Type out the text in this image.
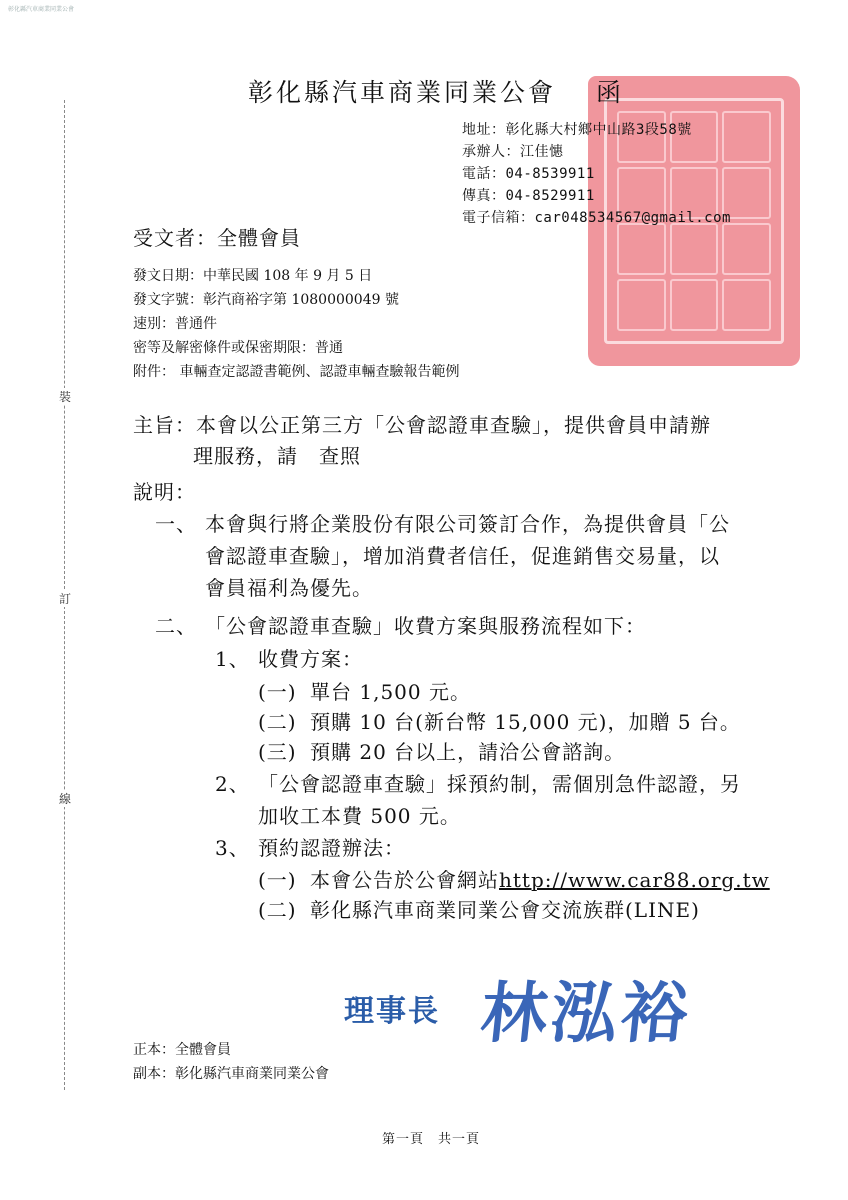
彰化縣汽車商業同業公會
彰化縣汽車商業同業公會 函
地址：彰化縣大村鄉中山路3段58號
承辦人：江佳憓
電話：04-8539911
傳真：04-8529911
電子信箱：car048534567@gmail.com
受文者：全體會員
發文日期：中華民國 108 年 9 月 5 日
發文字號：彰汽商裕字第 1080000049 號
速別：普通件
密等及解密條件或保密期限：普通
附件： 車輛查定認證書範例、認證車輛查驗報告範例
裝
訂
線
主旨：本會以公正第三方「公會認證車查驗」，提供會員申請辦
理服務，請　查照
說明：
一、 本會與行將企業股份有限公司簽訂合作，為提供會員「公
會認證車查驗」，增加消費者信任，促進銷售交易量，以
會員福利為優先。
二、 「公會認證車查驗」收費方案與服務流程如下：
1、 收費方案：
(一) 單台 1,500 元。
(二) 預購 10 台(新台幣 15,000 元)，加贈 5 台。
(三) 預購 20 台以上，請洽公會諮詢。
2、 「公會認證車查驗」採預約制，需個別急件認證，另
加收工本費 500 元。
3、 預約認證辦法：
(一) 本會公告於公會網站http://www.car88.org.tw
(二) 彰化縣汽車商業同業公會交流族群(LINE)
理事長 林泓裕
正本：全體會員
副本：彰化縣汽車商業同業公會
第一頁　共一頁
